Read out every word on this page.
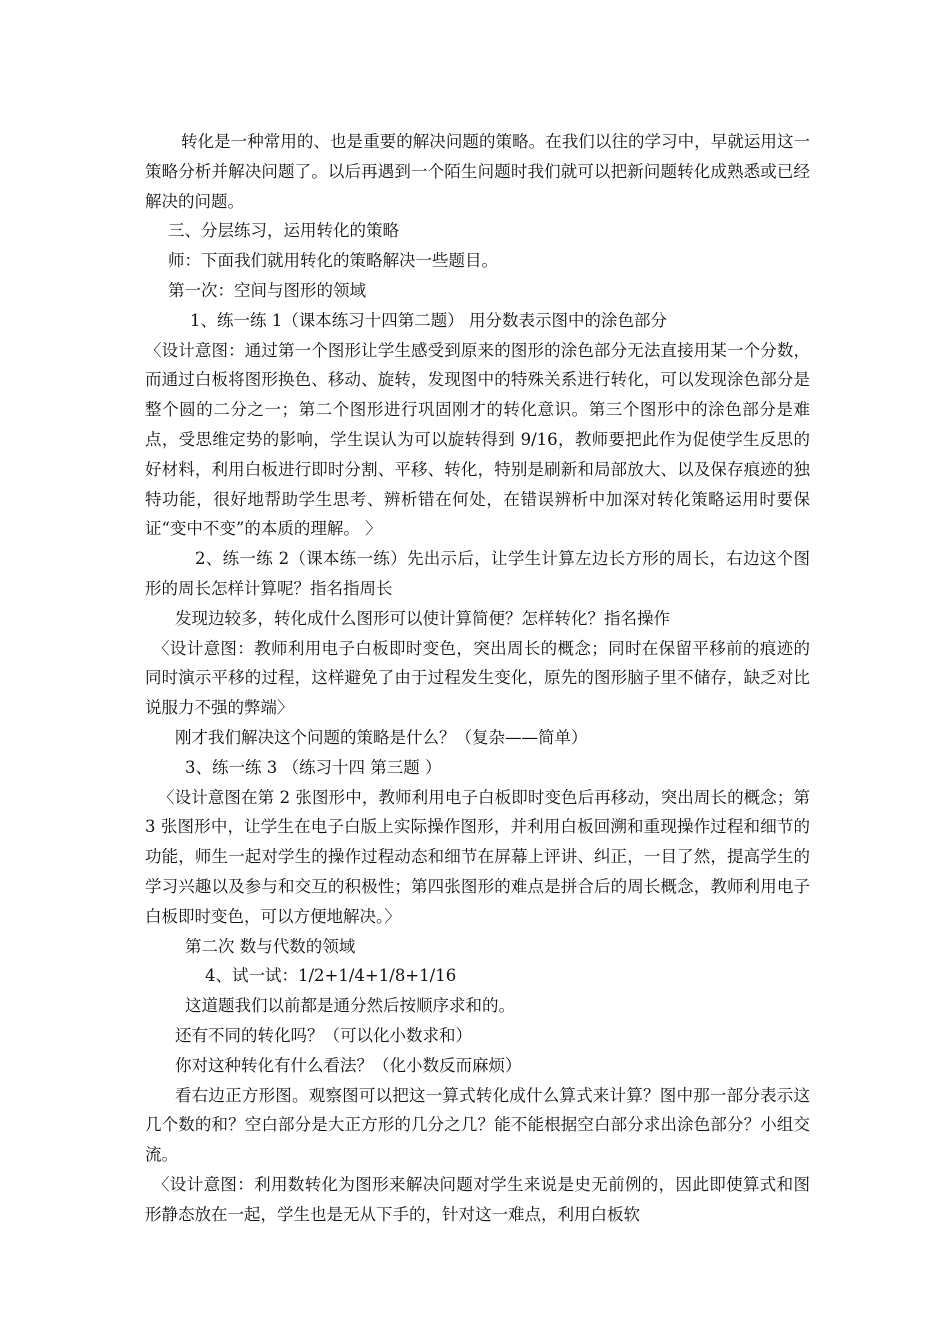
转化是一种常用的、也是重要的解决问题的策略。在我们以往的学习中，早就运用这一策略分析并解决问题了。以后再遇到一个陌生问题时我们就可以把新问题转化成熟悉或已经解决的问题。

三、分层练习，运用转化的策略

师：下面我们就用转化的策略解决一些题目。

第一次：空间与图形的领域

1、练一练 1（课本练习十四第二题） 用分数表示图中的涂色部分

〈设计意图：通过第一个图形让学生感受到原来的图形的涂色部分无法直接用某一个分数，而通过白板将图形换色、移动、旋转，发现图中的特殊关系进行转化，可以发现涂色部分是整个圆的二分之一；第二个图形进行巩固刚才的转化意识。第三个图形中的涂色部分是难点，受思维定势的影响，学生误认为可以旋转得到 9/16，教师要把此作为促使学生反思的好材料，利用白板进行即时分割、平移、转化，特别是刷新和局部放大、以及保存痕迹的独特功能，很好地帮助学生思考、辨析错在何处，在错误辨析中加深对转化策略运用时要保证“变中不变”的本质的理解。 〉

2、练一练 2（课本练一练）先出示后，让学生计算左边长方形的周长，右边这个图形的周长怎样计算呢？指名指周长

发现边较多，转化成什么图形可以使计算简便？怎样转化？指名操作

〈设计意图：教师利用电子白板即时变色，突出周长的概念；同时在保留平移前的痕迹的同时演示平移的过程，这样避免了由于过程发生变化，原先的图形脑子里不储存，缺乏对比说服力不强的弊端〉

刚才我们解决这个问题的策略是什么？（复杂——简单）

3、练一练 3 （练习十四 第三题 ）

〈设计意图在第 2 张图形中，教师利用电子白板即时变色后再移动，突出周长的概念；第 3 张图形中，让学生在电子白版上实际操作图形，并利用白板回溯和重现操作过程和细节的功能，师生一起对学生的操作过程动态和细节在屏幕上评讲、纠正，一目了然，提高学生的学习兴趣以及参与和交互的积极性；第四张图形的难点是拼合后的周长概念，教师利用电子白板即时变色，可以方便地解决。〉

第二次 数与代数的领域

4、试一试：1/2+1/4+1/8+1/16

这道题我们以前都是通分然后按顺序求和的。

还有不同的转化吗？（可以化小数求和）

你对这种转化有什么看法？（化小数反而麻烦）

看右边正方形图。观察图可以把这一算式转化成什么算式来计算？图中那一部分表示这几个数的和？空白部分是大正方形的几分之几？能不能根据空白部分求出涂色部分？小组交流。

〈设计意图：利用数转化为图形来解决问题对学生来说是史无前例的，因此即使算式和图形静态放在一起，学生也是无从下手的，针对这一难点，利用白板软
